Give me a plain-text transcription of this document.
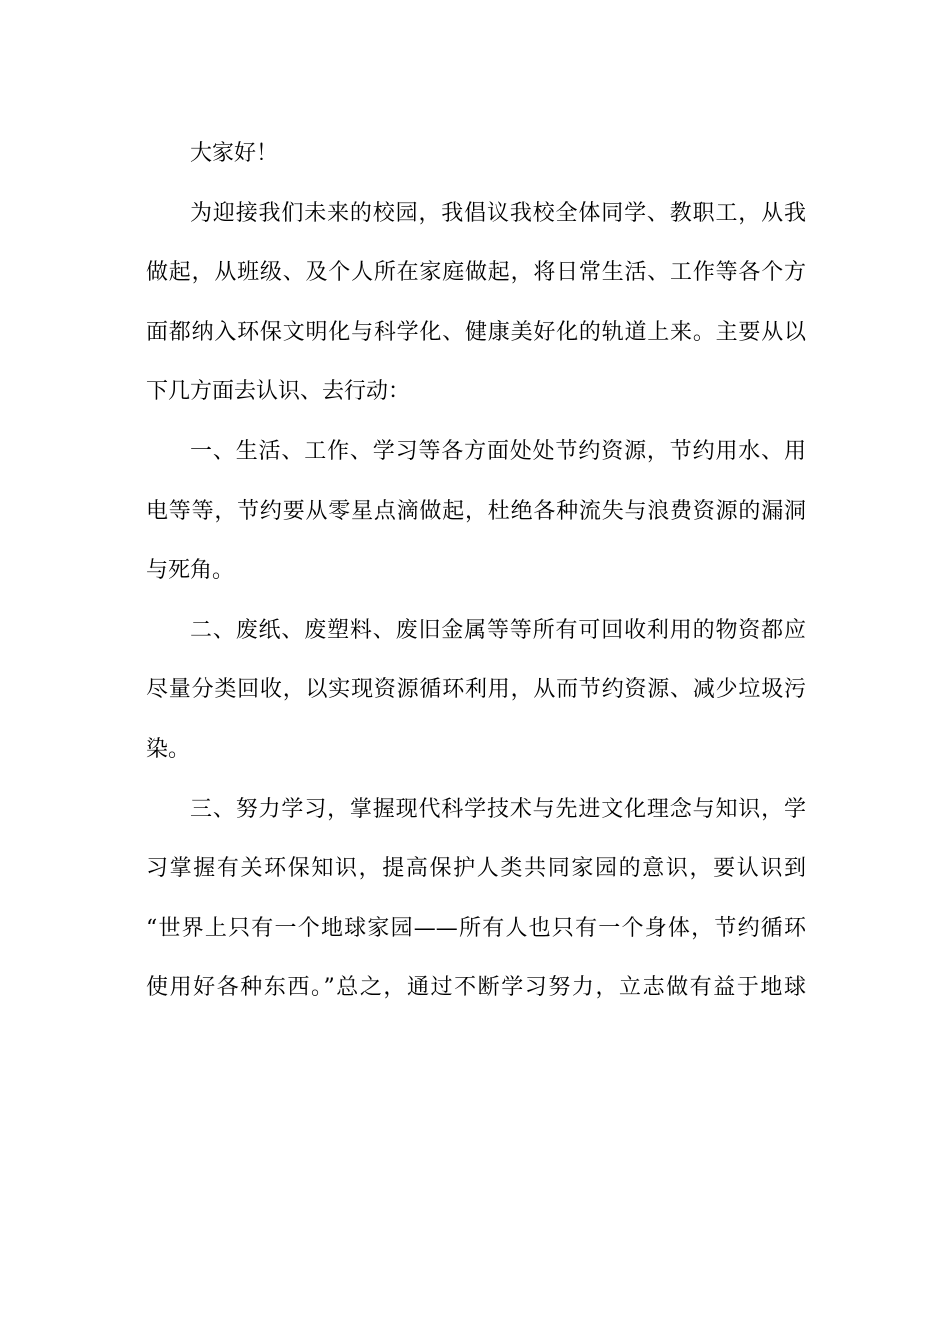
大家好！
为迎接我们未来的校园，我倡议我校全体同学、教职工，从我
做起，从班级、及个人所在家庭做起，将日常生活、工作等各个方
面都纳入环保文明化与科学化、健康美好化的轨道上来。主要从以
下几方面去认识、去行动：
一、生活、工作、学习等各方面处处节约资源，节约用水、用
电等等，节约要从零星点滴做起，杜绝各种流失与浪费资源的漏洞
与死角。
二、废纸、废塑料、废旧金属等等所有可回收利用的物资都应
尽量分类回收，以实现资源循环利用，从而节约资源、减少垃圾污
染。
三、努力学习，掌握现代科学技术与先进文化理念与知识，学
习掌握有关环保知识，提高保护人类共同家园的意识，要认识到
“世界上只有一个地球家园——所有人也只有一个身体，节约循环
使用好各种东西。”总之，通过不断学习努力，立志做有益于地球
